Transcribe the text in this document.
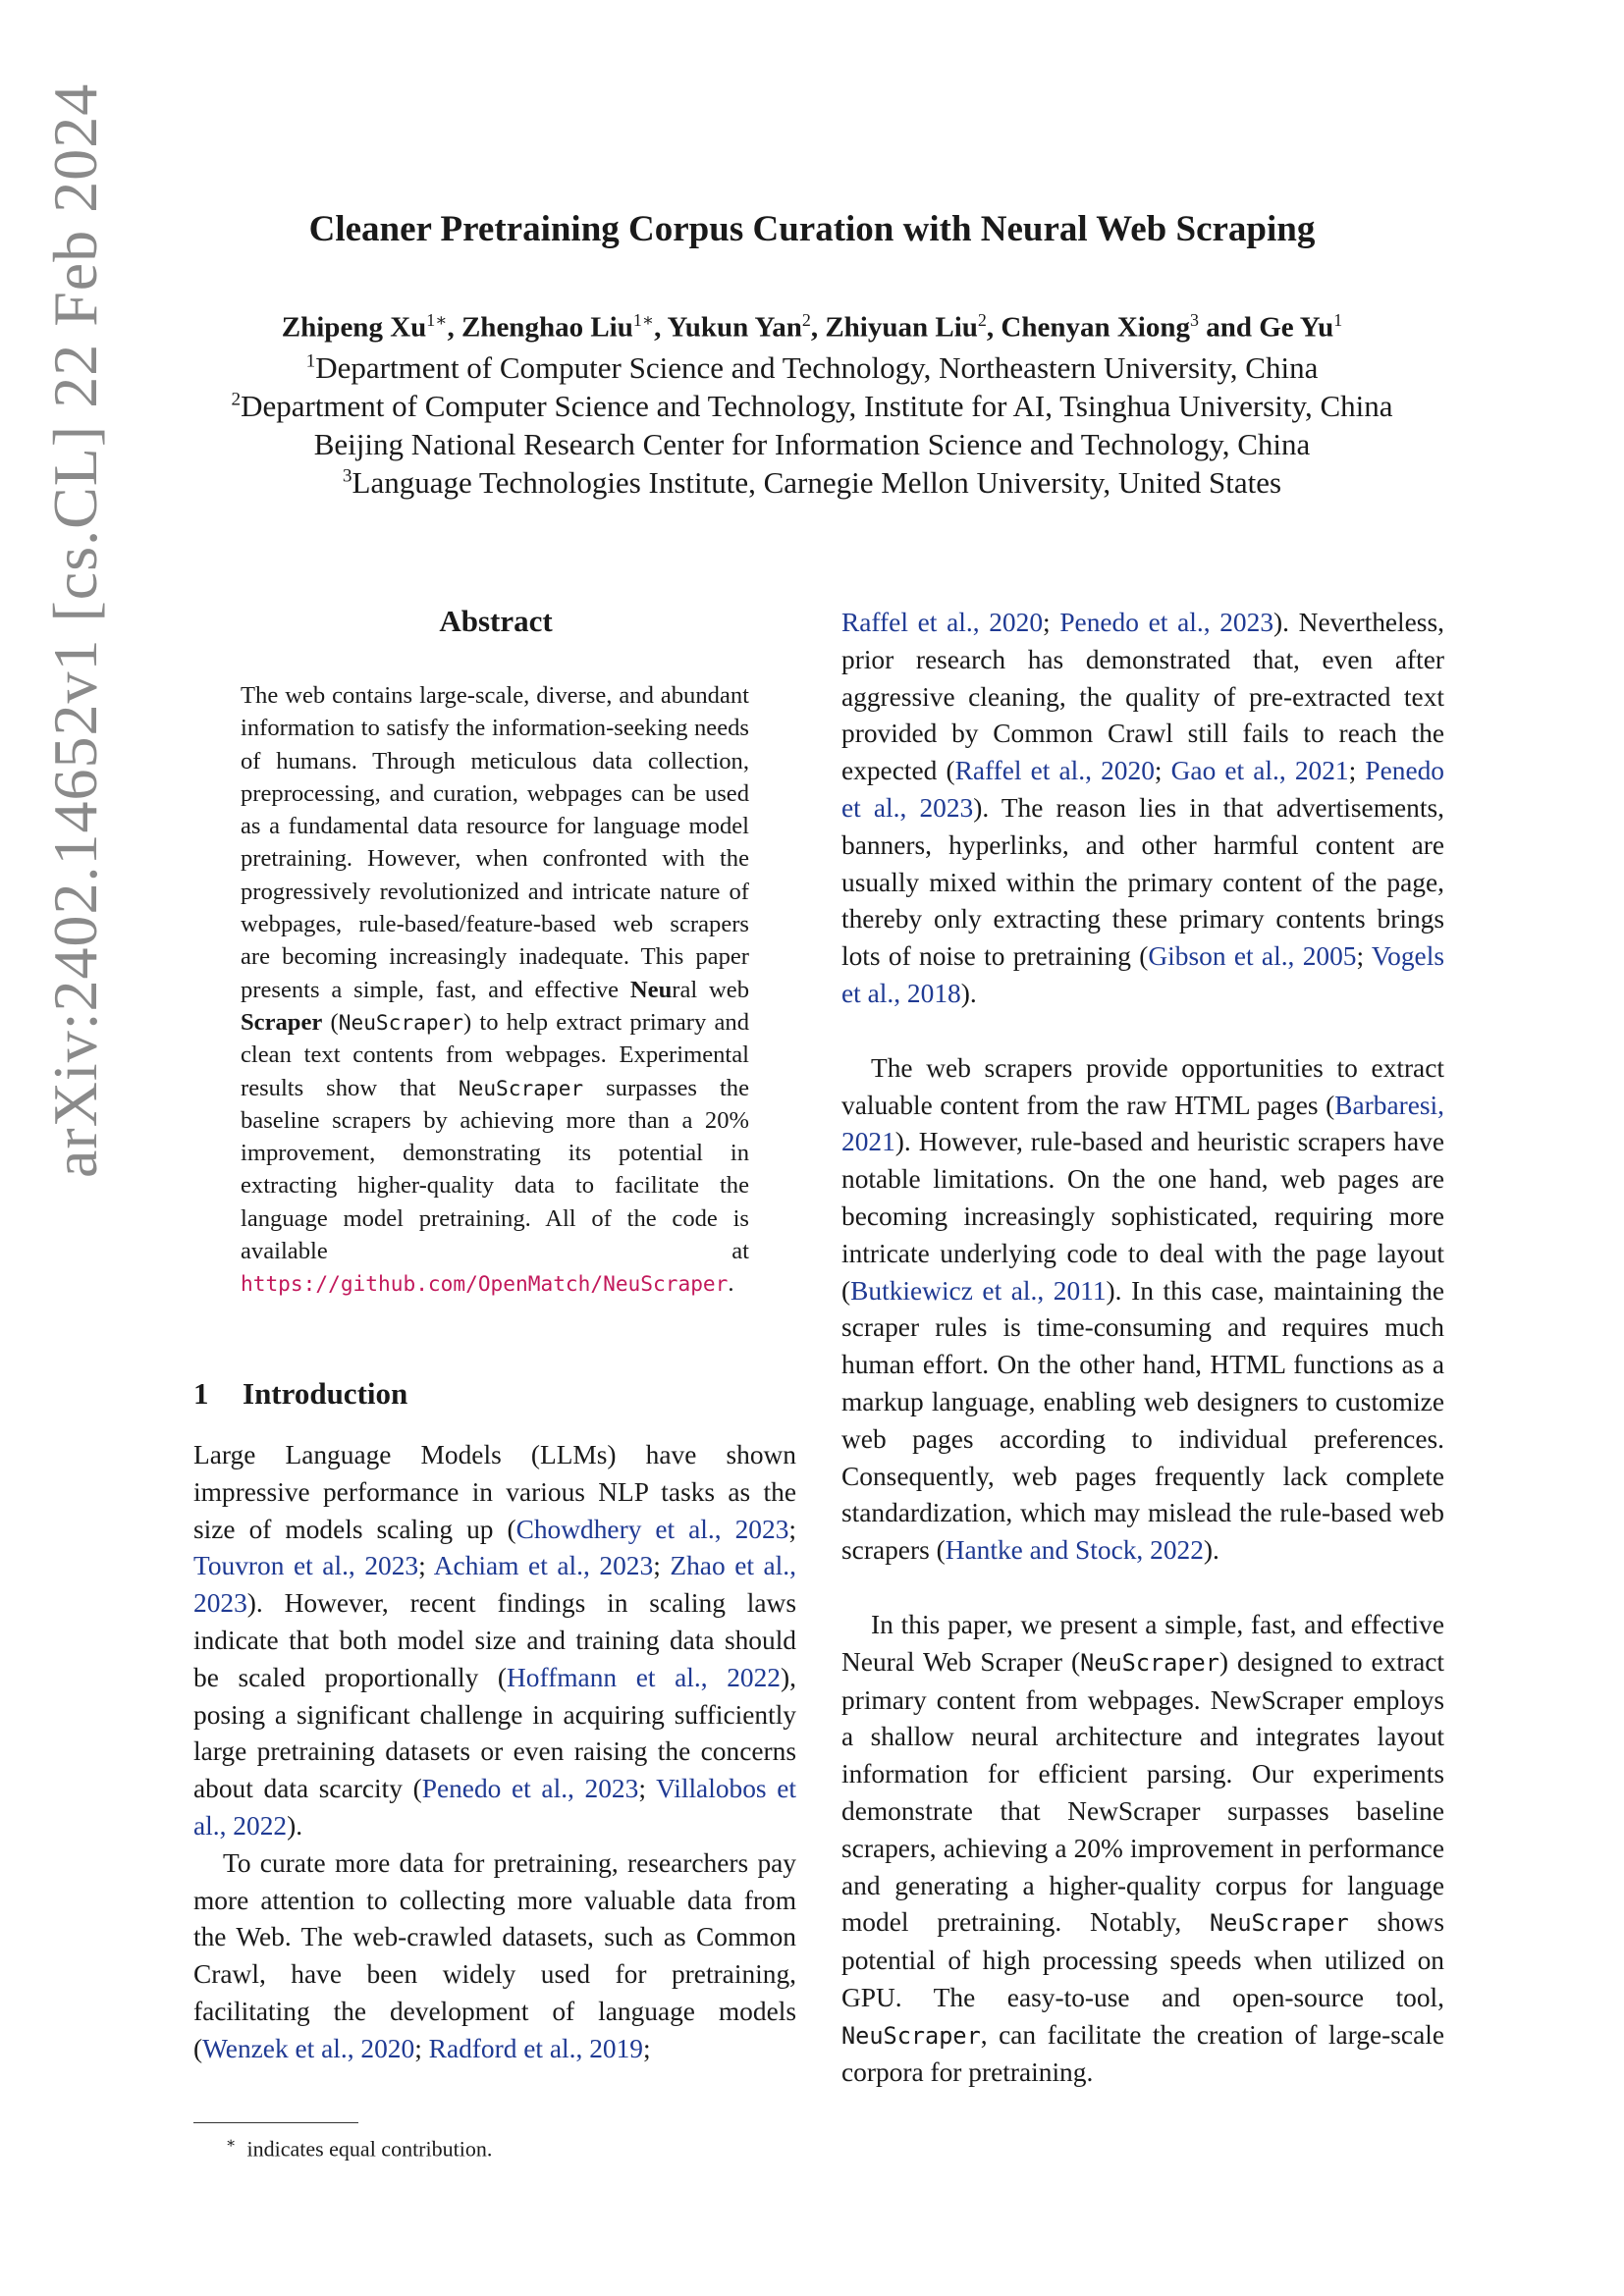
arXiv:2402.14652v1 [cs.CL] 22 Feb 2024	Cleaner Pretraining Corpus Curation with Neural Web Scraping
Zhipeng $Xu^{1∗}$, Zhenghao Liu$^{1∗}$, Yukun Yan$^2$, Zhiyuan Liu$^2$, Chenyan Xiong$^3$ and Ge Yu$^1$
$^1$Department of Computer Science and Technology, Northeastern University, China
$^2$Department of Computer Science and Technology, Institute for AI, Tsinghua University, China
Beijing National Research Center for Information Science and Technology, China
$^3$Language Technologies Institute, Carnegie Mellon University, United States
Abstract
The web contains large-scale, diverse, and abundant information to satisfy the information-seeking needs of humans. Through meticulous data collection, preprocessing, and curation, webpages can be used as a fundamental data resource for language model pretraining. However, when confronted with the progressively revolutionized and intricate nature of webpages, rule-based/feature-based web scrapers are becoming increasingly inadequate. This paper presents a simple, fast, and effective Neural web Scraper (NeuScraper) to help extract primary and clean text contents from webpages. Experimental results show that NeuScraper surpasses the baseline scrapers by achieving more than a 20% improvement, demonstrating its potential in extracting higher-quality data to facilitate the language model pretraining. All of the code is available at https://github.com/OpenMatch/NeuScraper.
1 Introduction

Large Language Models (LLMs) have shown impressive performance in various NLP tasks as the size of models scaling up (Chowdhery et al., 2023; Touvron et al., 2023; Achiam et al., 2023; Zhao et al., 2023). However, recent findings in scaling laws indicate that both model size and training data should be scaled proportionally (Hoffmann et al., 2022), posing a significant challenge in acquiring sufficiently large pretraining datasets or even raising the concerns about data scarcity (Penedo et al., 2023; Villalobos et al., 2022).

To curate more data for pretraining, researchers pay more attention to collecting more valuable data from the Web. The web-crawled datasets, such as Common Crawl, have been widely used for pretraining, facilitating the development of language models (Wenzek et al., 2020; Radford et al., 2019;

∗ indicates equal contribution.

Raffel et al., 2020; Penedo et al., 2023). Nevertheless, prior research has demonstrated that, even after aggressive cleaning, the quality of pre-extracted text provided by Common Crawl still fails to reach the expected (Raffel et al., 2020; Gao et al., 2021; Penedo et al., 2023). The reason lies in that advertisements, banners, hyperlinks, and other harmful content are usually mixed within the primary content of the page, thereby only extracting these primary contents brings lots of noise to pretraining (Gibson et al., 2005; Vogels et al., 2018).

The web scrapers provide opportunities to extract valuable content from the raw HTML pages (Barbaresi, 2021). However, rule-based and heuristic scrapers have notable limitations. On the one hand, web pages are becoming increasingly sophisticated, requiring more intricate underlying code to deal with the page layout (Butkiewicz et al., 2011). In this case, maintaining the scraper rules is time-consuming and requires much human effort. On the other hand, HTML functions as a markup language, enabling web designers to customize web pages according to individual preferences. Consequently, web pages frequently lack complete standardization, which may mislead the rule-based web scrapers (Hantke and Stock, 2022).

In this paper, we present a simple, fast, and effective Neural Web Scraper (NeuScraper) designed to extract primary content from webpages. NewScraper employs a shallow neural architecture and integrates layout information for efficient parsing. Our experiments demonstrate that NewScraper surpasses baseline scrapers, achieving a 20% improvement in performance and generating a higher-quality corpus for language model pretraining. Notably, NeuScraper shows potential of high processing speeds when utilized on GPU. The easy-to-use and open-source tool, NeuScraper, can facilitate the creation of large-scale corpora for pretraining.
